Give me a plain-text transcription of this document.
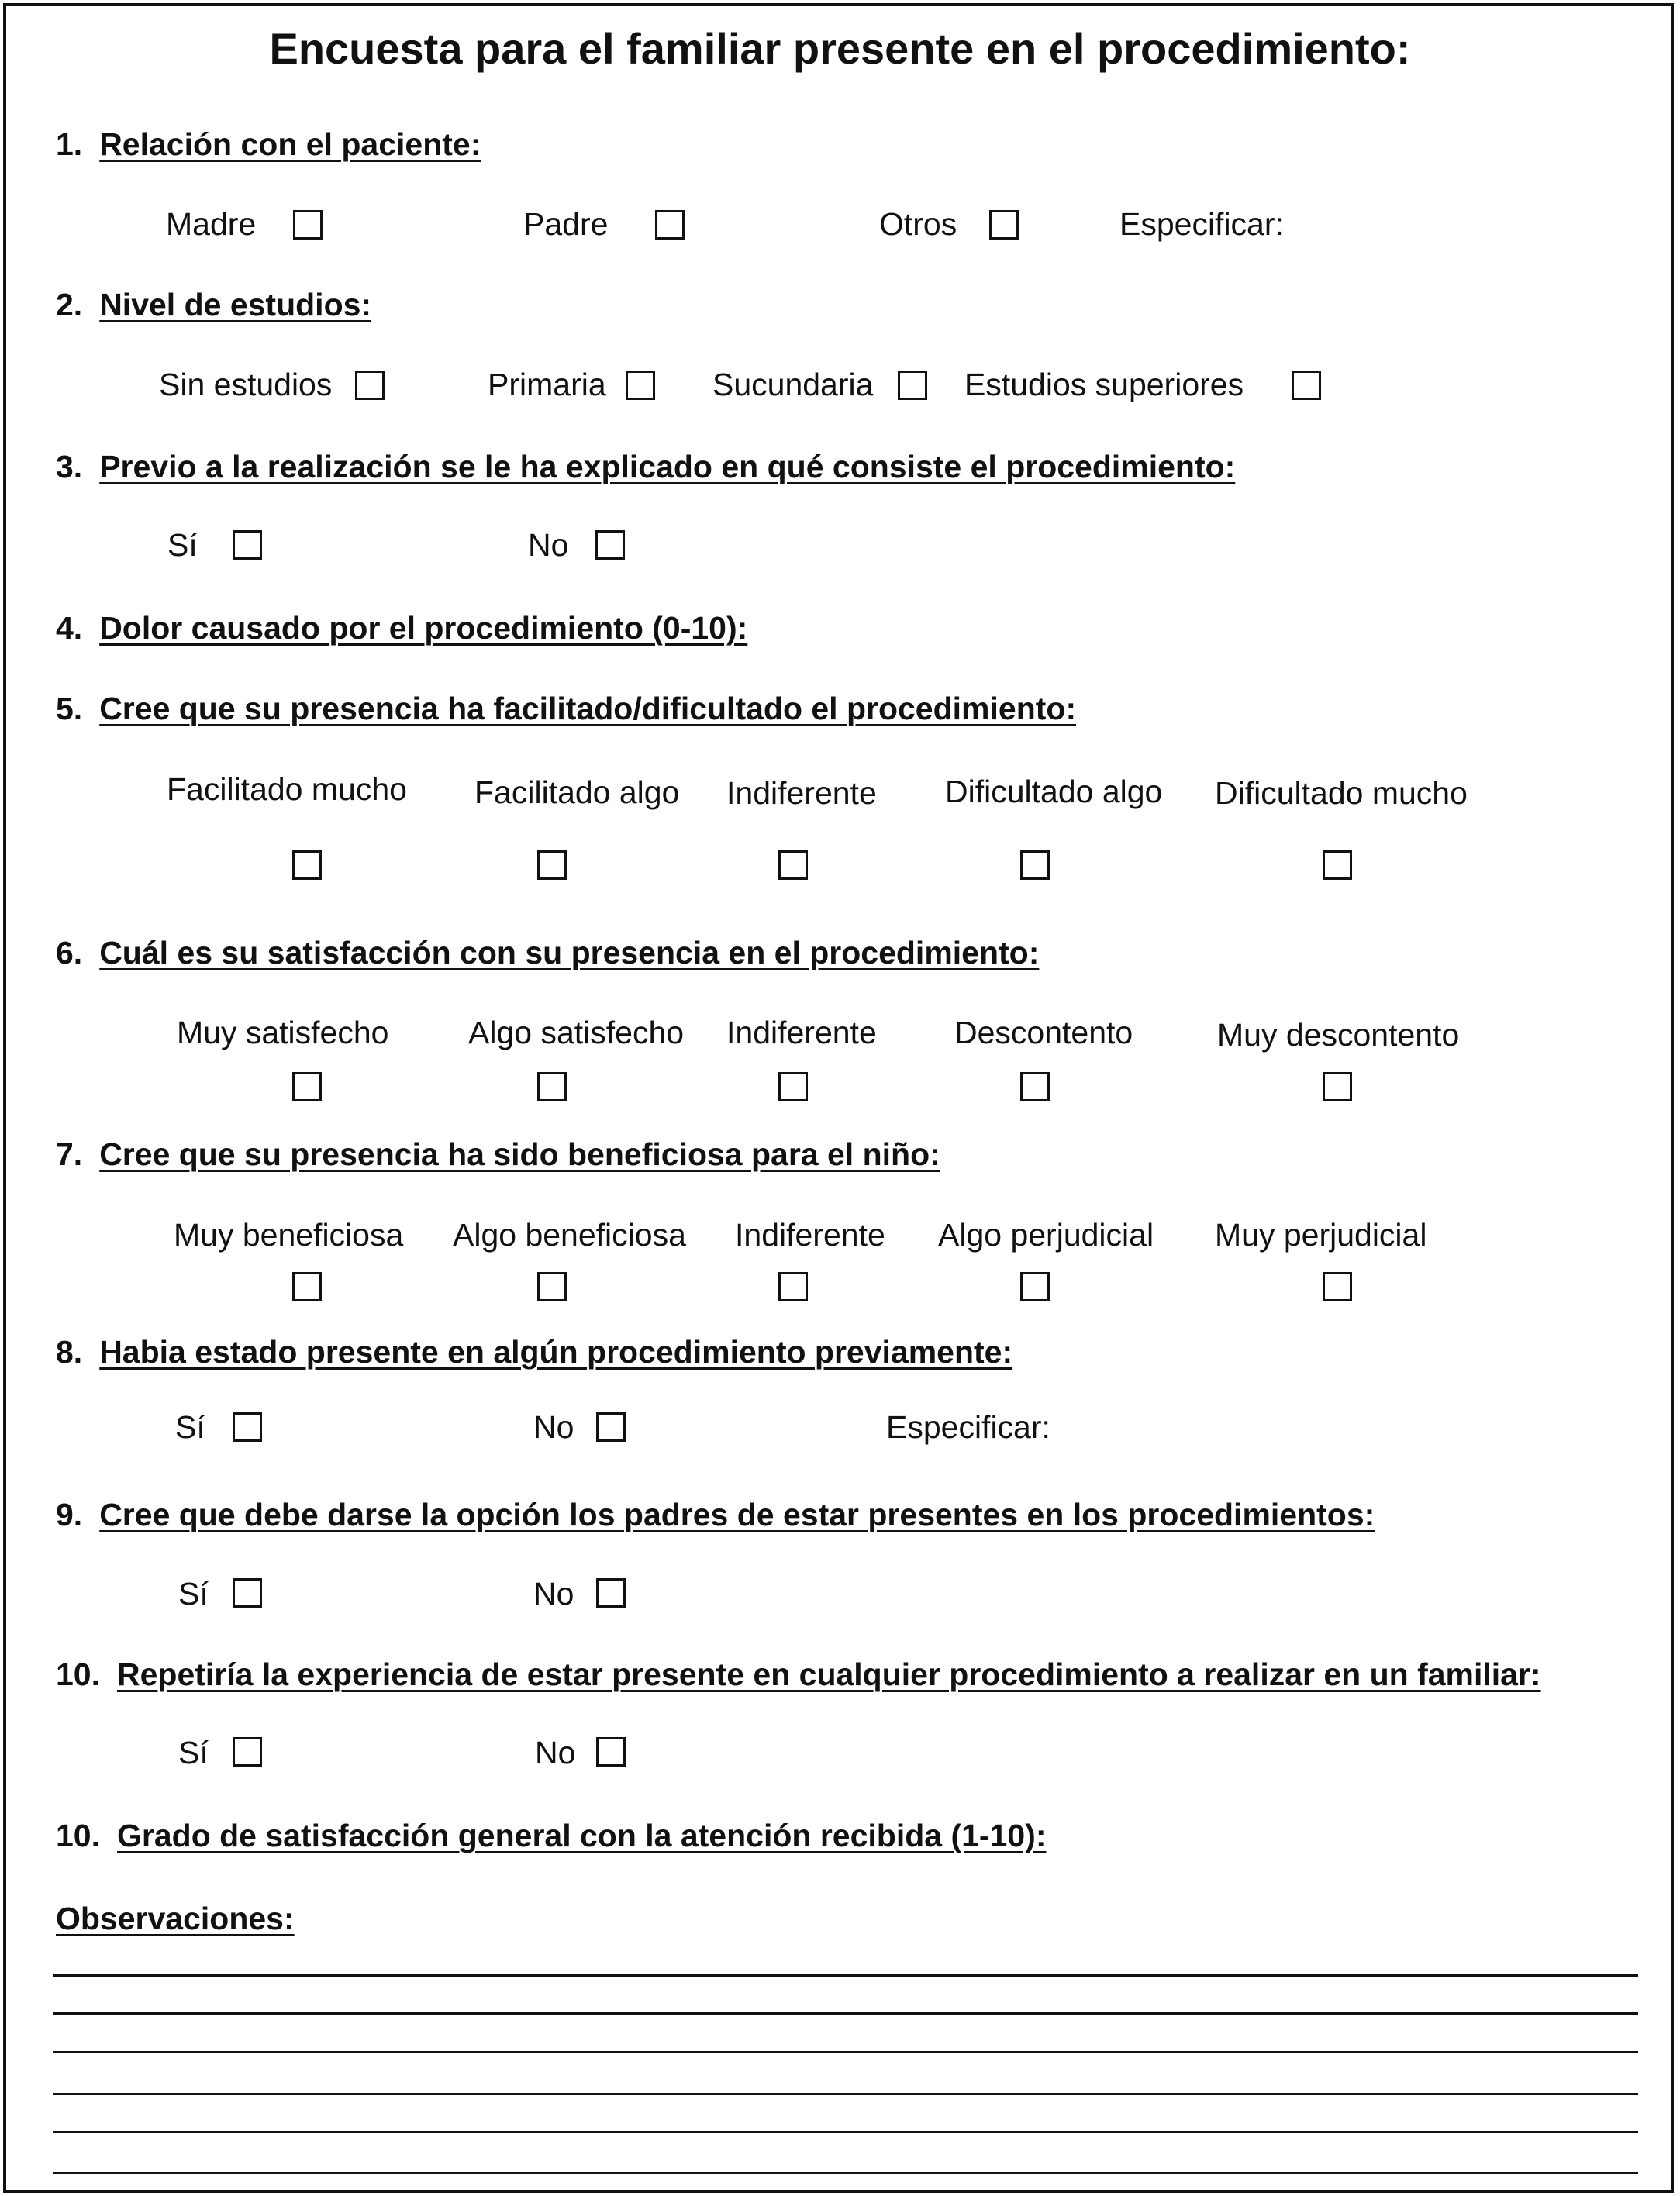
Encuesta para el familiar presente en el procedimiento:
1. Relación con el paciente:
Madre	Padre	Otros	Especificar:
2. Nivel de estudios:
Sin estudios	Primaria	Sucundaria	Estudios superiores
3. Previo a la realización se le ha explicado en qué consiste el procedimiento:
Sí	No
4. Dolor causado por el procedimiento (0-10):
5. Cree que su presencia ha facilitado/dificultado el procedimiento:
Facilitado mucho Facilitado algo Indiferente Dificultado algo Dificultado mucho
6. Cuál es su satisfacción con su presencia en el procedimiento:
Muy satisfecho	Algo satisfecho Indiferente Descontento	Muy descontento
7. Cree que su presencia ha sido beneficiosa para el niño:
Muy beneficiosa Algo beneficiosa Indiferente Algo perjudicial Muy perjudicial
8. Habia estado presente en algún procedimiento previamente:
Sí	No	Especificar:
9. Cree que debe darse la opción los padres de estar presentes en los procedimientos:
Sí	No
10. Repetiría la experiencia de estar presente en cualquier procedimiento a realizar en un familiar:
Sí	No
10. Grado de satisfacción general con la atención recibida (1-10):
Observaciones:
